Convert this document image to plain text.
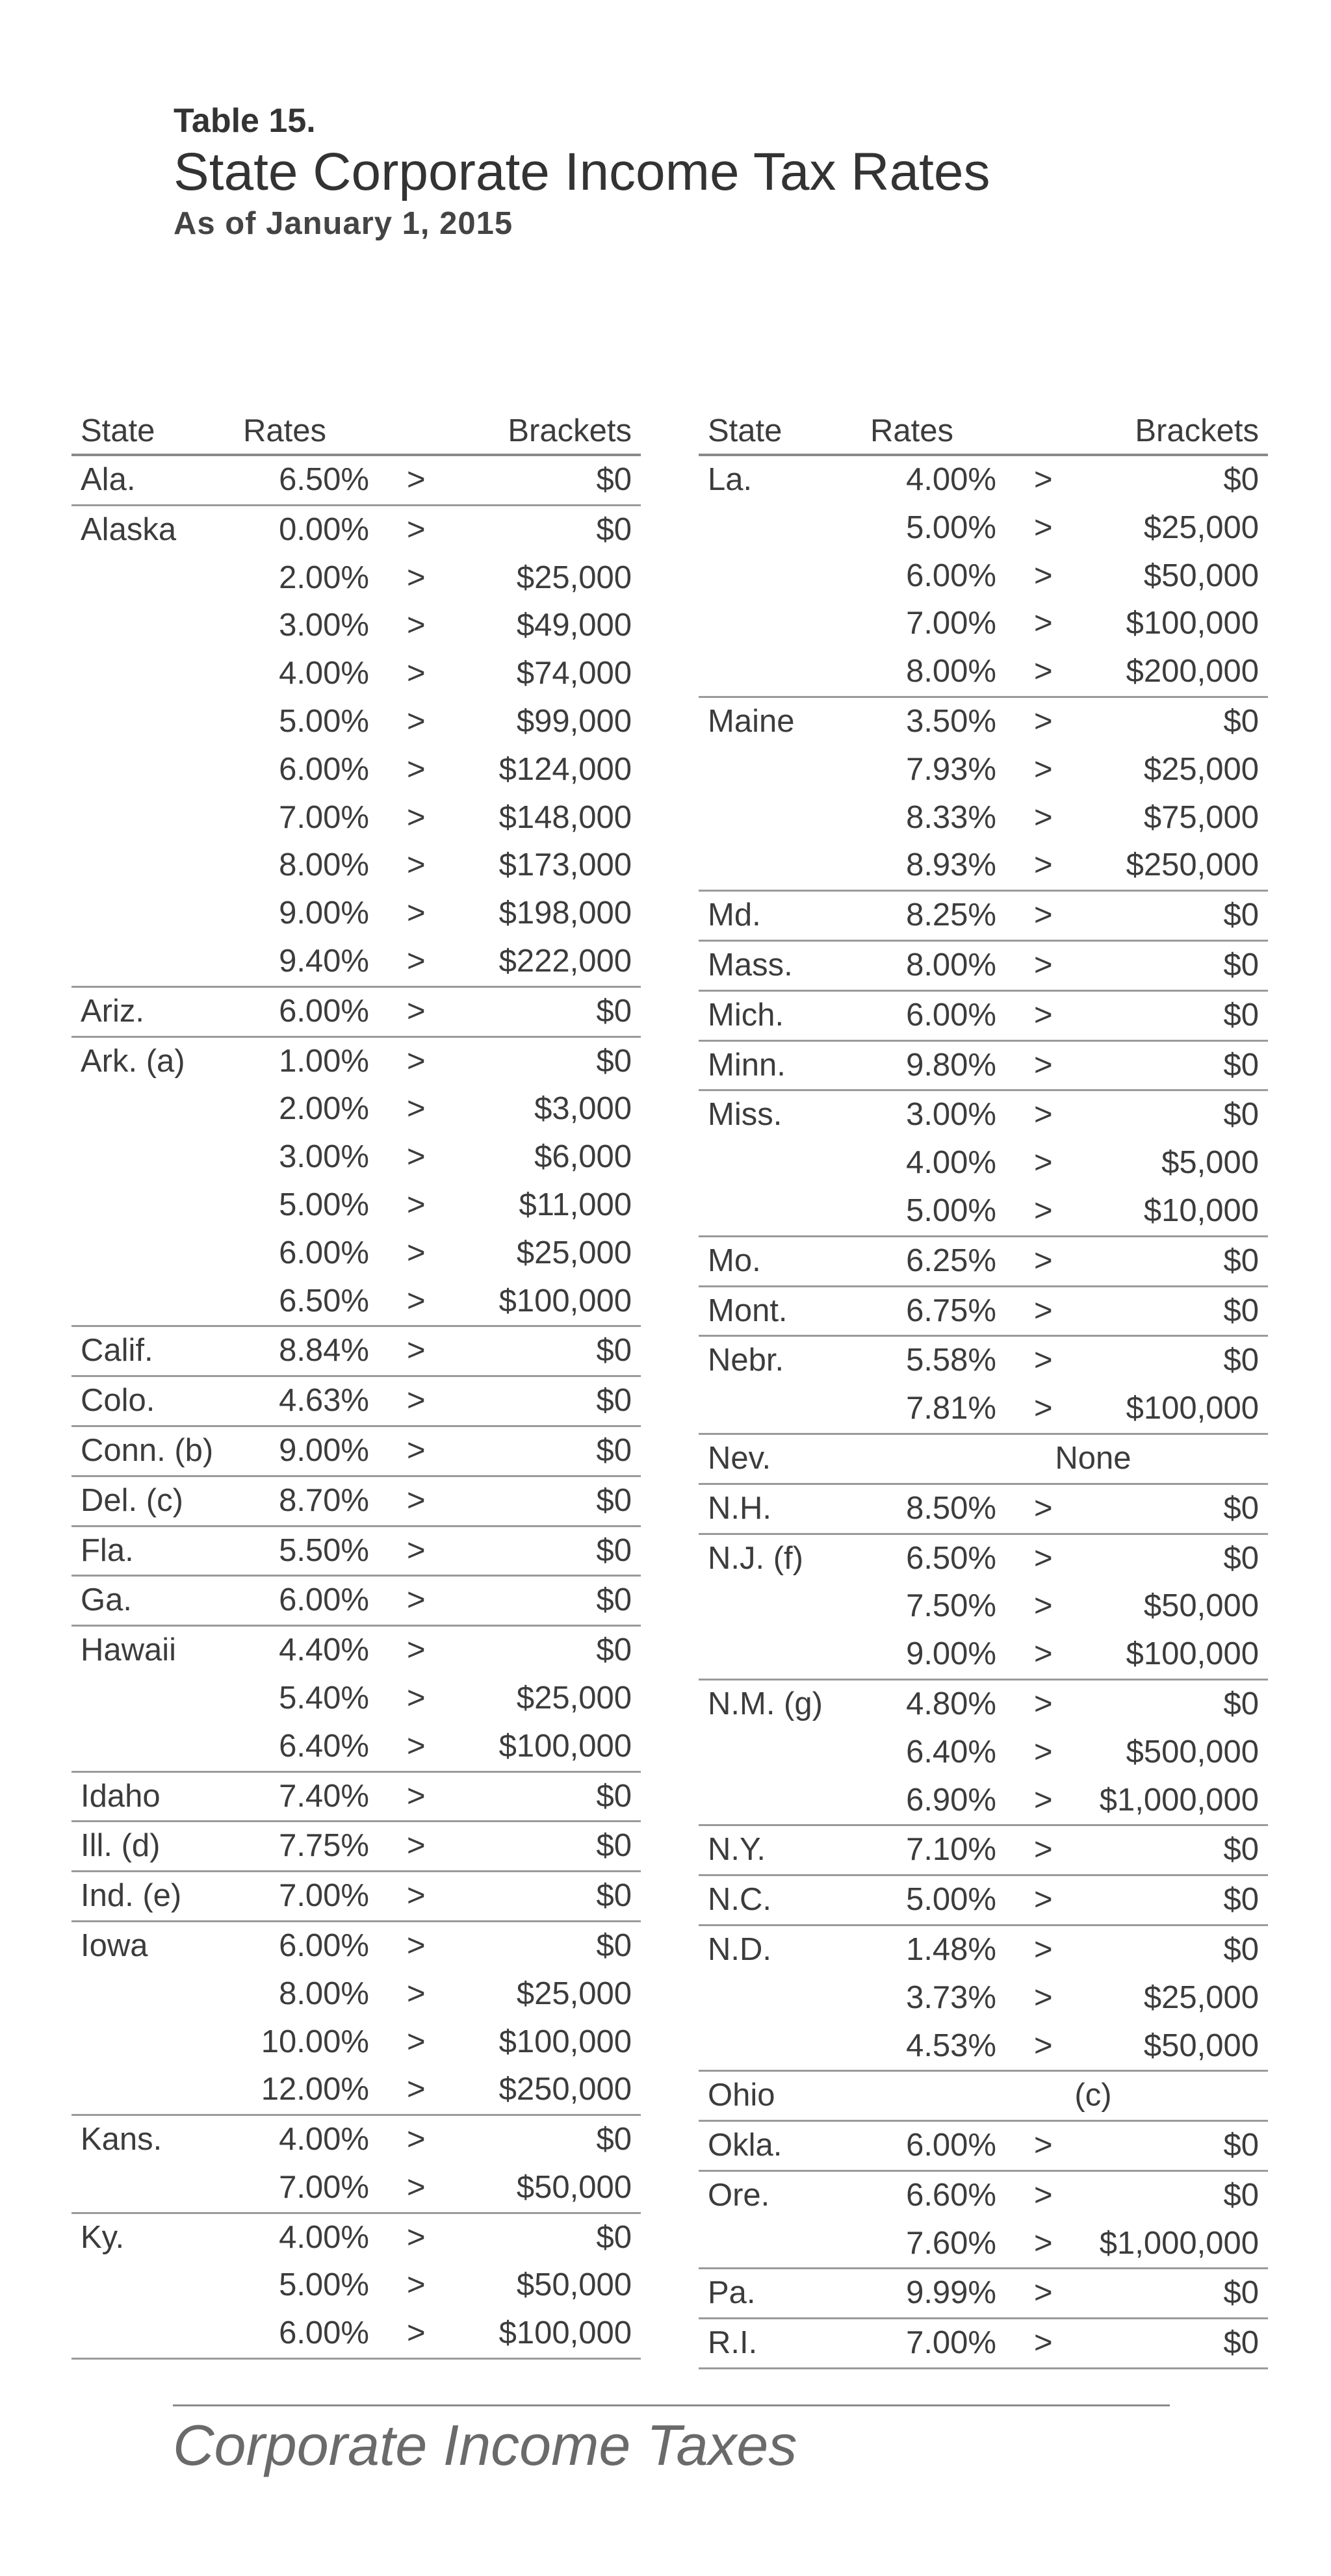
Table 15.
State Corporate Income Tax Rates
As of January 1, 2015
State	Rates	Brackets
Ala.	6.50% >	$0
Alaska	0.00% >	$0
2.00% >	$25,000
3.00% >	$49,000
4.00% >	$74,000
5.00% >	$99,000
6.00% > $124,000
7.00% > $148,000
8.00% > $173,000
9.00% > $198,000
9.40% > $222,000
Ariz.	6.00% >	$0
Ark. (a)	1.00% >	$0
2.00% >	$3,000
3.00% >	$6,000
5.00% >	$11,000
6.00% >	$25,000
6.50% > $100,000
Calif.	8.84% >	$0
Colo.	4.63% >	$0
Conn. (b) 9.00% >	$0
Del. (c)	8.70% >	$0
Fla.	5.50% >	$0
Ga.	6.00% >	$0
Hawaii	4.40% >	$0
5.40% >	$25,000
6.40% > $100,000
Idaho	7.40% >	$0
Ill. (d)	7.75% >	$0
Ind. (e)	7.00% >	$0
Iowa	6.00% >	$0
8.00% >	$25,000
10.00% > $100,000
12.00% > $250,000
Kans.	4.00% >	$0
7.00% >	$50,000
Ky.	4.00% >	$0
5.00% >	$50,000
6.00% > $100,000
State	Rates	Brackets
La.	4.00% >	$0
5.00% >	$25,000
6.00% >	$50,000
7.00% > $100,000
8.00% > $200,000
Maine	3.50% >	$0
7.93% >	$25,000
8.33% >	$75,000
8.93% > $250,000
Md.	8.25% >	$0
Mass.	8.00% >	$0
Mich.	6.00% >	$0
Minn.	9.80% >	$0
Miss.	3.00% >	$0
4.00% >	$5,000
5.00% >	$10,000
Mo.	6.25% >	$0
Mont.	6.75% >	$0
Nebr.	5.58% >	$0
7.81% > $100,000
Nev.	None
N.H.	8.50% >	$0
N.J. (f)	6.50% >	$0
7.50% >	$50,000
9.00% > $100,000
N.M. (g)	4.80% >	$0
6.40% > $500,000
6.90% > $1,000,000
N.Y.	7.10% >	$0
N.C.	5.00% >	$0
N.D.	1.48% >	$0
3.73% >	$25,000
4.53% >	$50,000
Ohio	(c)
Okla.	6.00% >	$0
Ore.	6.60% >	$0
7.60% > $1,000,000
Pa.	9.99% >	$0
R.I.	7.00% >	$0
Corporate Income Taxes
